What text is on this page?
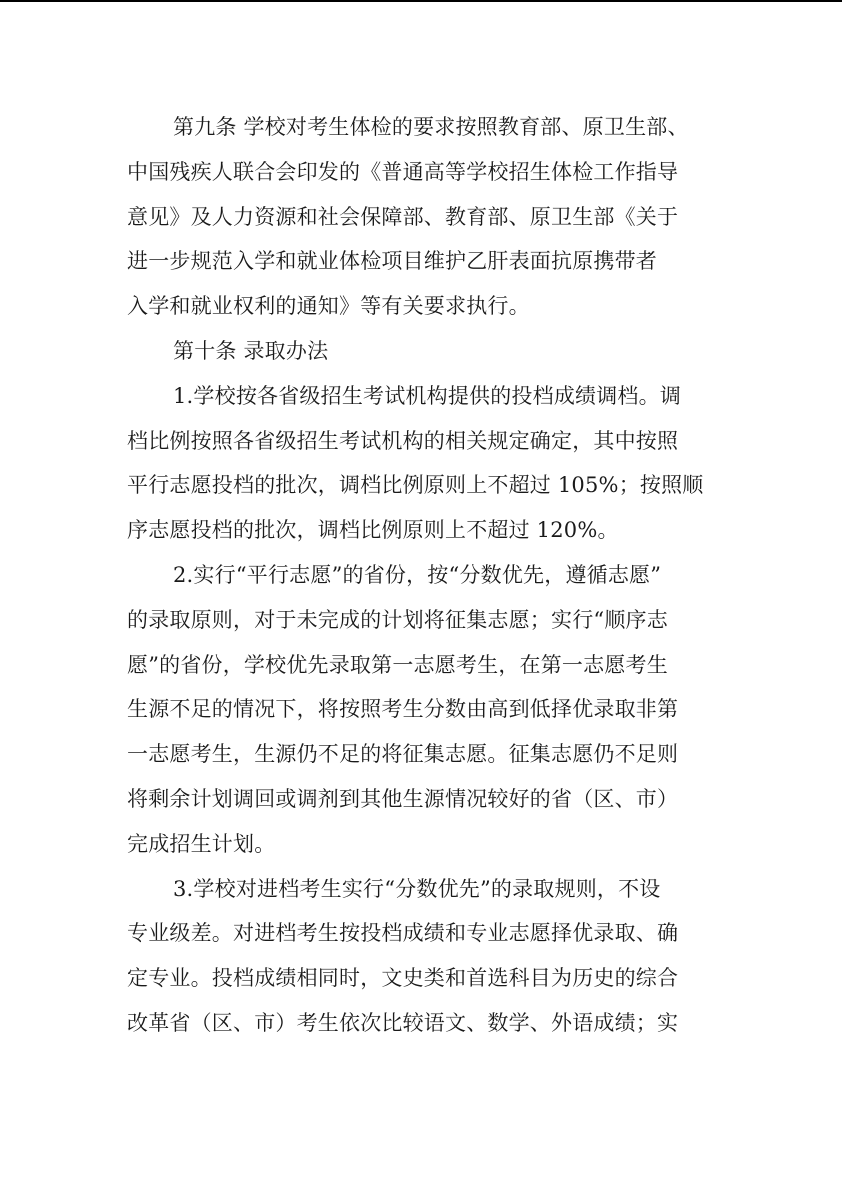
第九条 学校对考生体检的要求按照教育部、原卫生部、
中国残疾人联合会印发的《普通高等学校招生体检工作指导
意见》及人力资源和社会保障部、教育部、原卫生部《关于
进一步规范入学和就业体检项目维护乙肝表面抗原携带者
入学和就业权利的通知》等有关要求执行。
第十条 录取办法
1.学校按各省级招生考试机构提供的投档成绩调档。调
档比例按照各省级招生考试机构的相关规定确定，其中按照
平行志愿投档的批次，调档比例原则上不超过 105%；按照顺
序志愿投档的批次，调档比例原则上不超过 120%。
2.实行“平行志愿”的省份，按“分数优先，遵循志愿”
的录取原则，对于未完成的计划将征集志愿；实行“顺序志
愿”的省份，学校优先录取第一志愿考生，在第一志愿考生
生源不足的情况下，将按照考生分数由高到低择优录取非第
一志愿考生，生源仍不足的将征集志愿。征集志愿仍不足则
将剩余计划调回或调剂到其他生源情况较好的省（区、市）
完成招生计划。
3.学校对进档考生实行“分数优先”的录取规则，不设
专业级差。对进档考生按投档成绩和专业志愿择优录取、确
定专业。投档成绩相同时，文史类和首选科目为历史的综合
改革省（区、市）考生依次比较语文、数学、外语成绩；实
